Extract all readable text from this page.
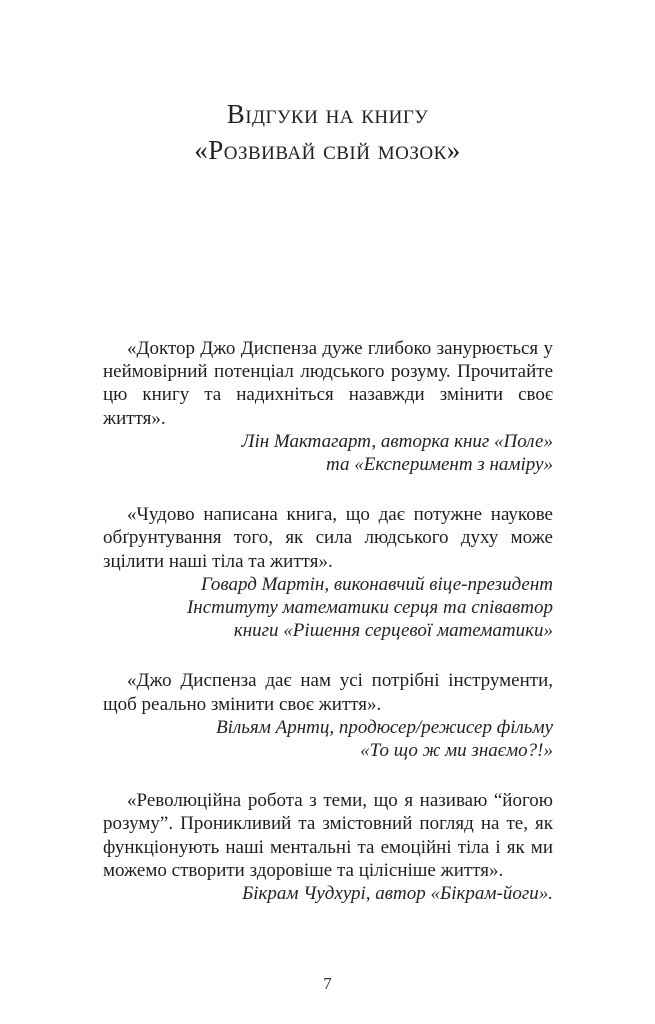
Відгуки на книгу
«Розвивай свій мозок»
«Доктор Джо Диспенза дуже глибоко занурюється у неймовірний потенціал людського розуму. Прочитайте цю книгу та надихніться назавжди змінити своє життя».
Лін Мактагарт, авторка книг «Поле»
та «Експеримент з наміру»
«Чудово написана книга, що дає потужне наукове обґрунтування того, як сила людського духу може зцілити наші тіла та життя».
Говард Мартін, виконавчий віце-президент
Інституту математики серця та співавтор
книги «Рішення серцевої математики»
«Джо Диспенза дає нам усі потрібні інструменти, щоб реально змінити своє життя».
Вільям Арнтц, продюсер/режисер фільму
«То що ж ми знаємо?!»
«Революційна робота з теми, що я називаю “йогою розуму”. Проникливий та змістовний погляд на те, як функціонують наші ментальні та емоційні тіла і як ми можемо створити здоровіше та цілісніше життя».
Бікрам Чудхурі, автор «Бікрам-йоги».
7
